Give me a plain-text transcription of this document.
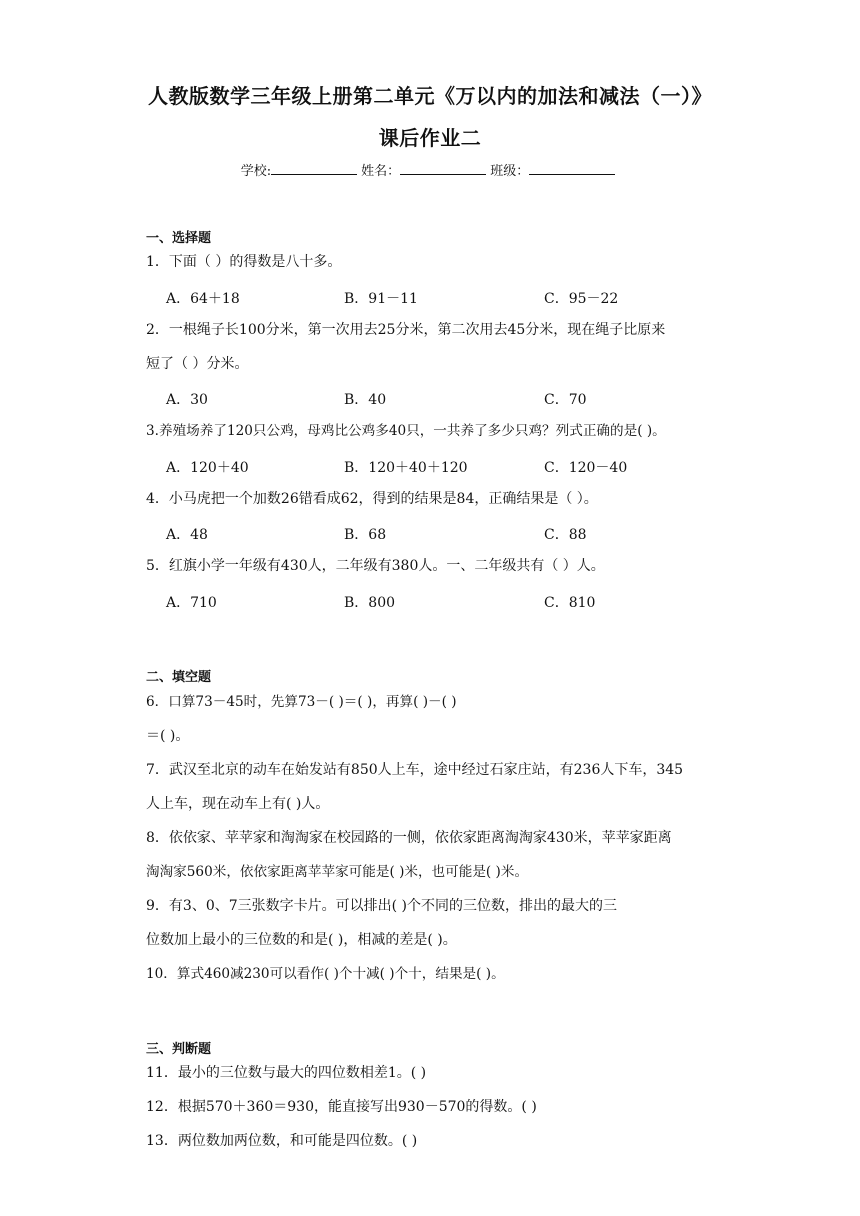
人教版数学三年级上册第二单元《万以内的加法和减法（一）》
课后作业二
学校:	姓名：	班级：
一、选择题
1．下面（ ）的得数是八十多。
A．64＋18	B．91－11	C．95－22
2．一根绳子长100分米，第一次用去25分米，第二次用去45分米，现在绳子比原来
短了（ ）分米。
A．30	B．40	C．70
3.养殖场养了120只公鸡，母鸡比公鸡多40只，一共养了多少只鸡？列式正确的是( )。
A．120＋40	B．120＋40＋120	C．120－40
4．小马虎把一个加数26错看成62，得到的结果是84，正确结果是（ ）。
A．48	B．68	C．88
5．红旗小学一年级有430人，二年级有380人。一、二年级共有（ ）人。
A．710	B．800	C．810
二、填空题
6．口算73－45时，先算73－( )＝( )，再算( )－( )
＝( )。
7．武汉至北京的动车在始发站有850人上车，途中经过石家庄站，有236人下车，345
人上车，现在动车上有( )人。
8．依依家、苹苹家和淘淘家在校园路的一侧，依依家距离淘淘家430米，苹苹家距离
淘淘家560米，依依家距离苹苹家可能是( )米，也可能是( )米。
9．有3、0、7三张数字卡片。可以排出( )个不同的三位数，排出的最大的三
位数加上最小的三位数的和是( )，相减的差是( )。
10．算式460减230可以看作( )个十减( )个十，结果是( )。
三、判断题
11．最小的三位数与最大的四位数相差1。( )
12．根据570＋360＝930，能直接写出930－570的得数。( )
13．两位数加两位数，和可能是四位数。( )
